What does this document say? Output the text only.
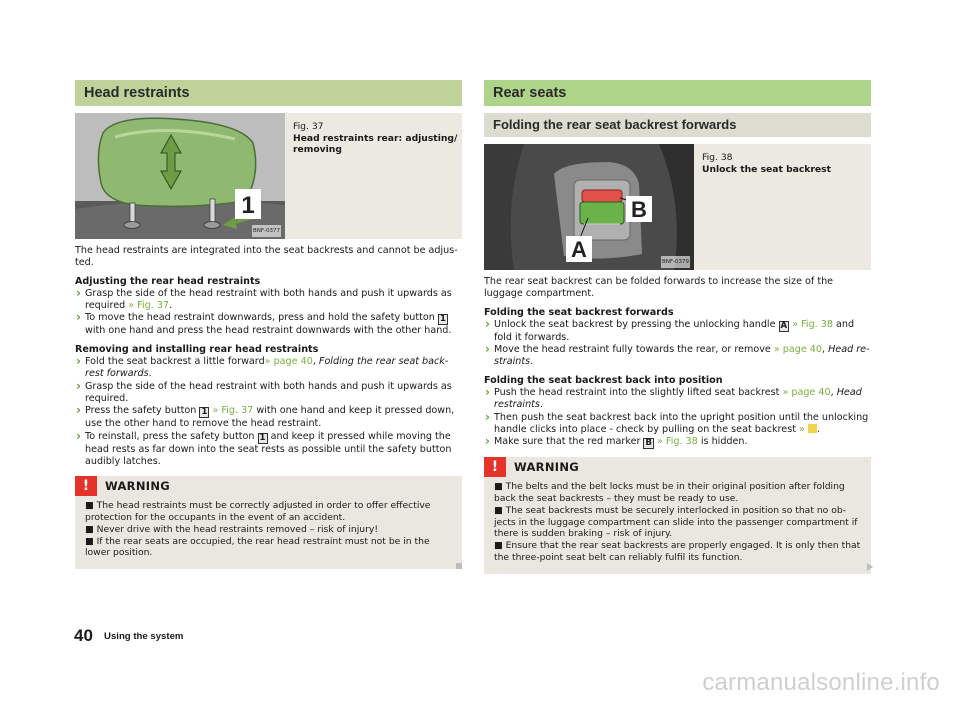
Head restraints
1
BNF-0377
Fig. 37
Head restraints rear: adjusting/ removing

The head restraints are integrated into the seat backrests and cannot be adjus-ted.

Adjusting the rear head restraints
› Grasp the side of the head restraint with both hands and push it upwards as required » Fig. 37.
› To move the head restraint downwards, press and hold the safety button 1 with one hand and press the head restraint downwards with the other hand.
Removing and installing rear head restraints
› Fold the seat backrest a little forward» page 40, Folding the rear seat back-rest forwards.
› Grasp the side of the head restraint with both hands and push it upwards as required.
› Press the safety button 1 » Fig. 37 with one hand and keep it pressed down, use the other hand to remove the head restraint.
› To reinstall, press the safety button 1 and keep it pressed while moving the head rests as far down into the seat rests as possible until the safety button audibly latches.
!	WARNING
■ The head restraints must be correctly adjusted in order to offer effective protection for the occupants in the event of an accident.
■ Never drive with the head restraints removed – risk of injury!
■ If the rear seats are occupied, the rear head restraint must not be in the lower position.
Rear seats
Folding the rear seat backrest forwards
B
A	BNF-0379
Fig. 38
Unlock the seat backrest

The rear seat backrest can be folded forwards to increase the size of the luggage compartment.

Folding the seat backrest forwards
› Unlock the seat backrest by pressing the unlocking handle A » Fig. 38 and fold it forwards.
› Move the head restraint fully towards the rear, or remove » page 40, Head re-straints.
Folding the seat backrest back into position
› Push the head restraint into the slightly lifted seat backrest » page 40, Head restraints.
› Then push the seat backrest back into the upright position until the unlocking handle clicks into place - check by pulling on the seat backrest » .
› Make sure that the red marker B » Fig. 38 is hidden.
!	WARNING
■ The belts and the belt locks must be in their original position after folding back the seat backrests – they must be ready to use.
■ The seat backrests must be securely interlocked in position so that no ob-jects in the luggage compartment can slide into the passenger compartment if there is sudden braking – risk of injury.
■ Ensure that the rear seat backrests are properly engaged. It is only then that the three-point seat belt can reliably fulfil its function.
40 Using the system
carmanualsonline.info
